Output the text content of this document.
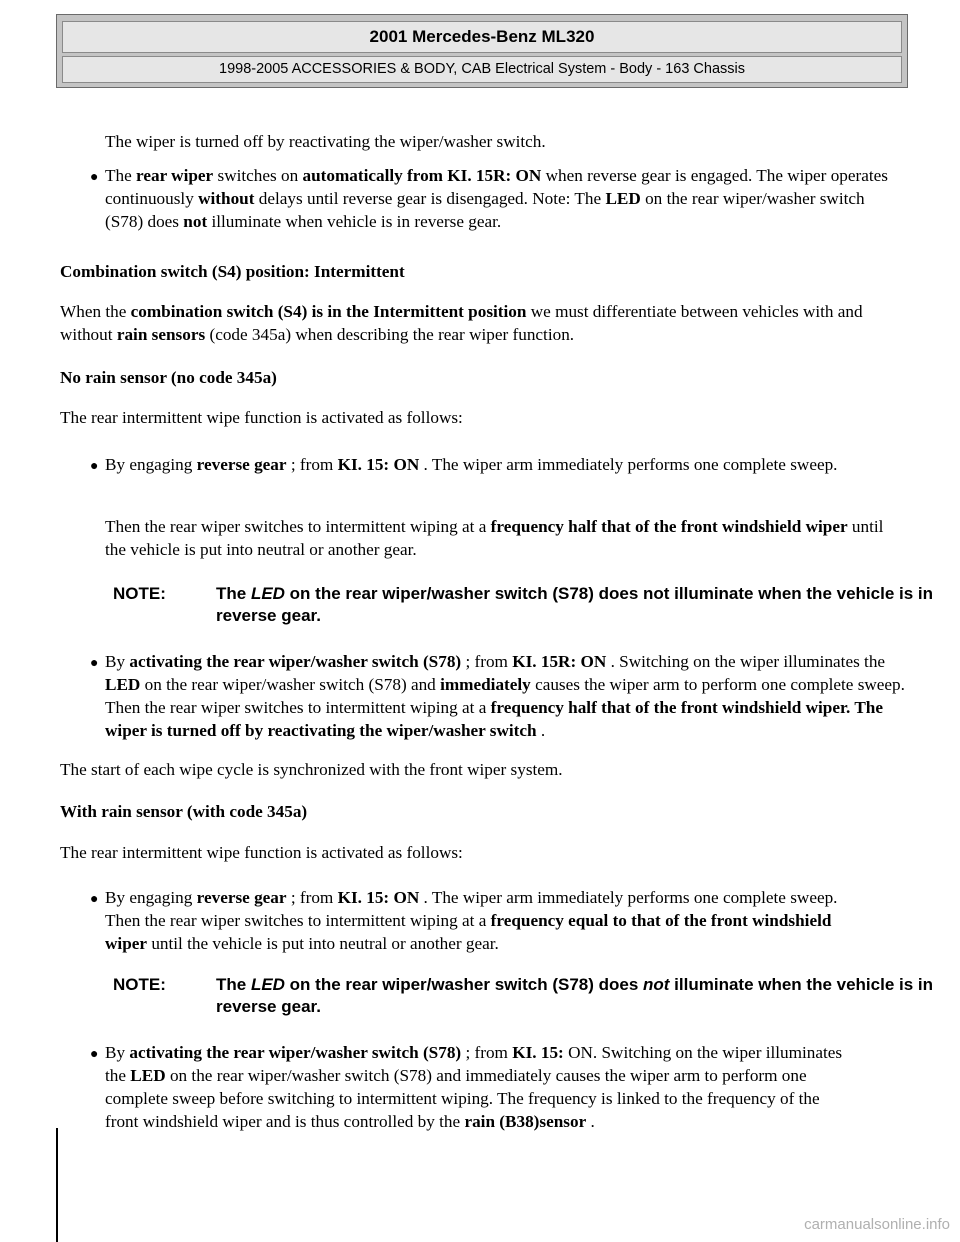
2001 Mercedes-Benz ML320
1998-2005 ACCESSORIES & BODY, CAB Electrical System - Body - 163 Chassis

The wiper is turned off by reactivating the wiper/washer switch.

● The rear wiper switches on automatically from KI. 15R: ON when reverse gear is engaged. The wiper operates continuously without delays until reverse gear is disengaged. Note: The LED on the rear wiper/washer switch (S78) does not illuminate when vehicle is in reverse gear.

Combination switch (S4) position: Intermittent

When the combination switch (S4) is in the Intermittent position we must differentiate between vehicles with and without rain sensors (code 345a) when describing the rear wiper function.

No rain sensor (no code 345a)

The rear intermittent wipe function is activated as follows:

● By engaging reverse gear ; from KI. 15: ON . The wiper arm immediately performs one complete sweep.

Then the rear wiper switches to intermittent wiping at a frequency half that of the front windshield wiper until the vehicle is put into neutral or another gear.

NOTE:	The LED on the rear wiper/washer switch (S78) does not illuminate when the vehicle is in reverse gear.
● By activating the rear wiper/washer switch (S78) ; from KI. 15R: ON . Switching on the wiper illuminates the LED on the rear wiper/washer switch (S78) and immediately causes the wiper arm to perform one complete sweep. Then the rear wiper switches to intermittent wiping at a frequency half that of the front windshield wiper. The wiper is turned off by reactivating the wiper/washer switch .

The start of each wipe cycle is synchronized with the front wiper system.

With rain sensor (with code 345a)

The rear intermittent wipe function is activated as follows:

● By engaging reverse gear ; from KI. 15: ON . The wiper arm immediately performs one complete sweep. Then the rear wiper switches to intermittent wiping at a frequency equal to that of the front windshield wiper until the vehicle is put into neutral or another gear.

NOTE:	The LED on the rear wiper/washer switch (S78) does not illuminate when the vehicle is in reverse gear.
● By activating the rear wiper/washer switch (S78) ; from KI. 15: ON. Switching on the wiper illuminates the LED on the rear wiper/washer switch (S78) and immediately causes the wiper arm to perform one complete sweep before switching to intermittent wiping. The frequency is linked to the frequency of the front windshield wiper and is thus controlled by the rain (B38)sensor .

carmanualsonline.info
